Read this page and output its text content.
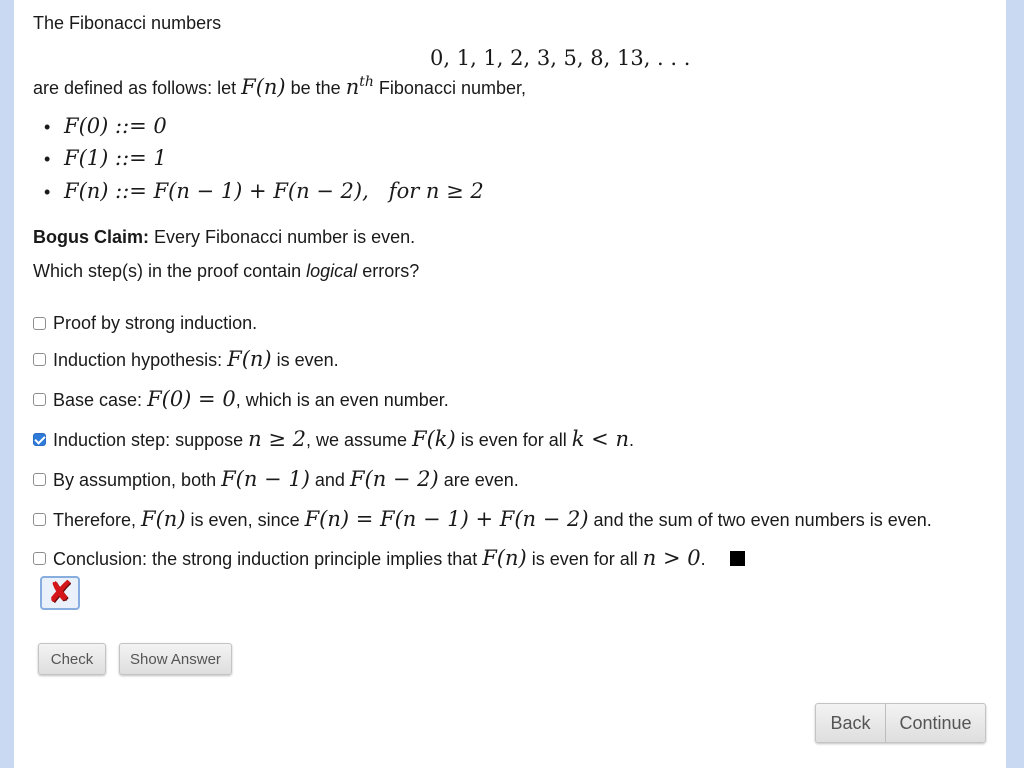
The Fibonacci numbers
0, 1, 1, 2, 3, 5, 8, 13, . . .
are defined as follows: let F(n) be the $n^{th}$ Fibonacci number,
• F(0) ::= 0
• F(1) ::= 1
• F(n) ::= F(n − 1) + F(n − 2),   for n ≥ 2
Bogus Claim: Every Fibonacci number is even.
Which step(s) in the proof contain logical errors?
Proof by strong induction.
Induction hypothesis: F(n) is even.
Base case: F(0) = 0, which is an even number.
Induction step: suppose n ≥ 2, we assume F(k) is even for all k < n.
By assumption, both F(n − 1) and F(n − 2) are even.
Therefore, F(n) is even, since F(n) = F(n − 1) + F(n − 2) and the sum of two even numbers is even.
Conclusion: the strong induction principle implies that F(n) is even for all n > 0.
✘
Check	Show Answer
Back	Continue
